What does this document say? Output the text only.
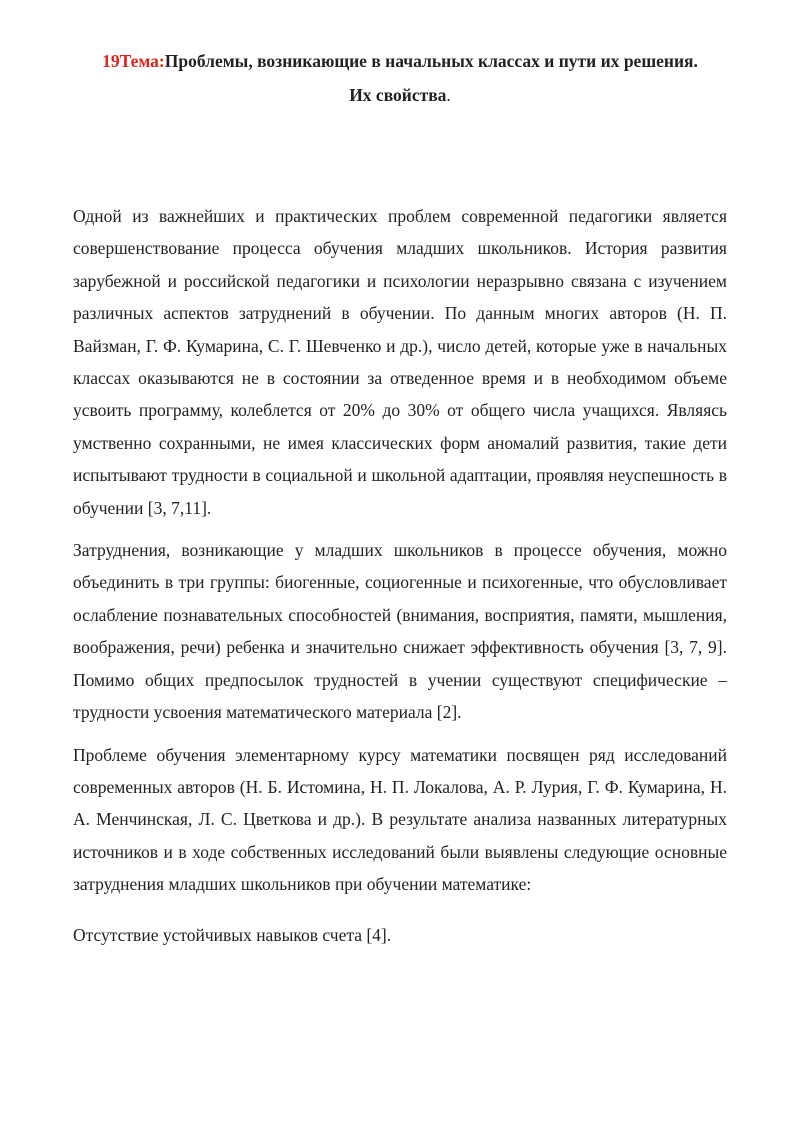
19Тема:Проблемы, возникающие в начальных классах и пути их решения.
Их свойства.

Одной из важнейших и практических проблем современной педагогики является совершенствование процесса обучения младших школьников. История развития зарубежной и российской педагогики и психологии неразрывно связана с изучением различных аспектов затруднений в обучении. По данным многих авторов (Н. П. Вайзман, Г. Ф. Кумарина, С. Г. Шевченко и др.), число детей, которые уже в начальных классах оказываются не в состоянии за отведенное время и в необходимом объеме усвоить программу, колеблется от 20% до 30% от общего числа учащихся. Являясь умственно сохранными, не имея классических форм аномалий развития, такие дети испытывают трудности в социальной и школьной адаптации, проявляя неуспешность в обучении [3, 7,11].

Затруднения, возникающие у младших школьников в процессе обучения, можно объединить в три группы: биогенные, социогенные и психогенные, что обусловливает ослабление познавательных способностей (внимания, восприятия, памяти, мышления, воображения, речи) ребенка и значительно снижает эффективность обучения [3, 7, 9]. Помимо общих предпосылок трудностей в учении существуют специфические – трудности усвоения математического материала [2].

Проблеме обучения элементарному курсу математики посвящен ряд исследований современных авторов (Н. Б. Истомина, Н. П. Локалова, А. Р. Лурия, Г. Ф. Кумарина, Н. А. Менчинская, Л. С. Цветкова и др.). В результате анализа названных литературных источников и в ходе собственных исследований были выявлены следующие основные затруднения младших школьников при обучении математике:

Отсутствие устойчивых навыков счета [4].
